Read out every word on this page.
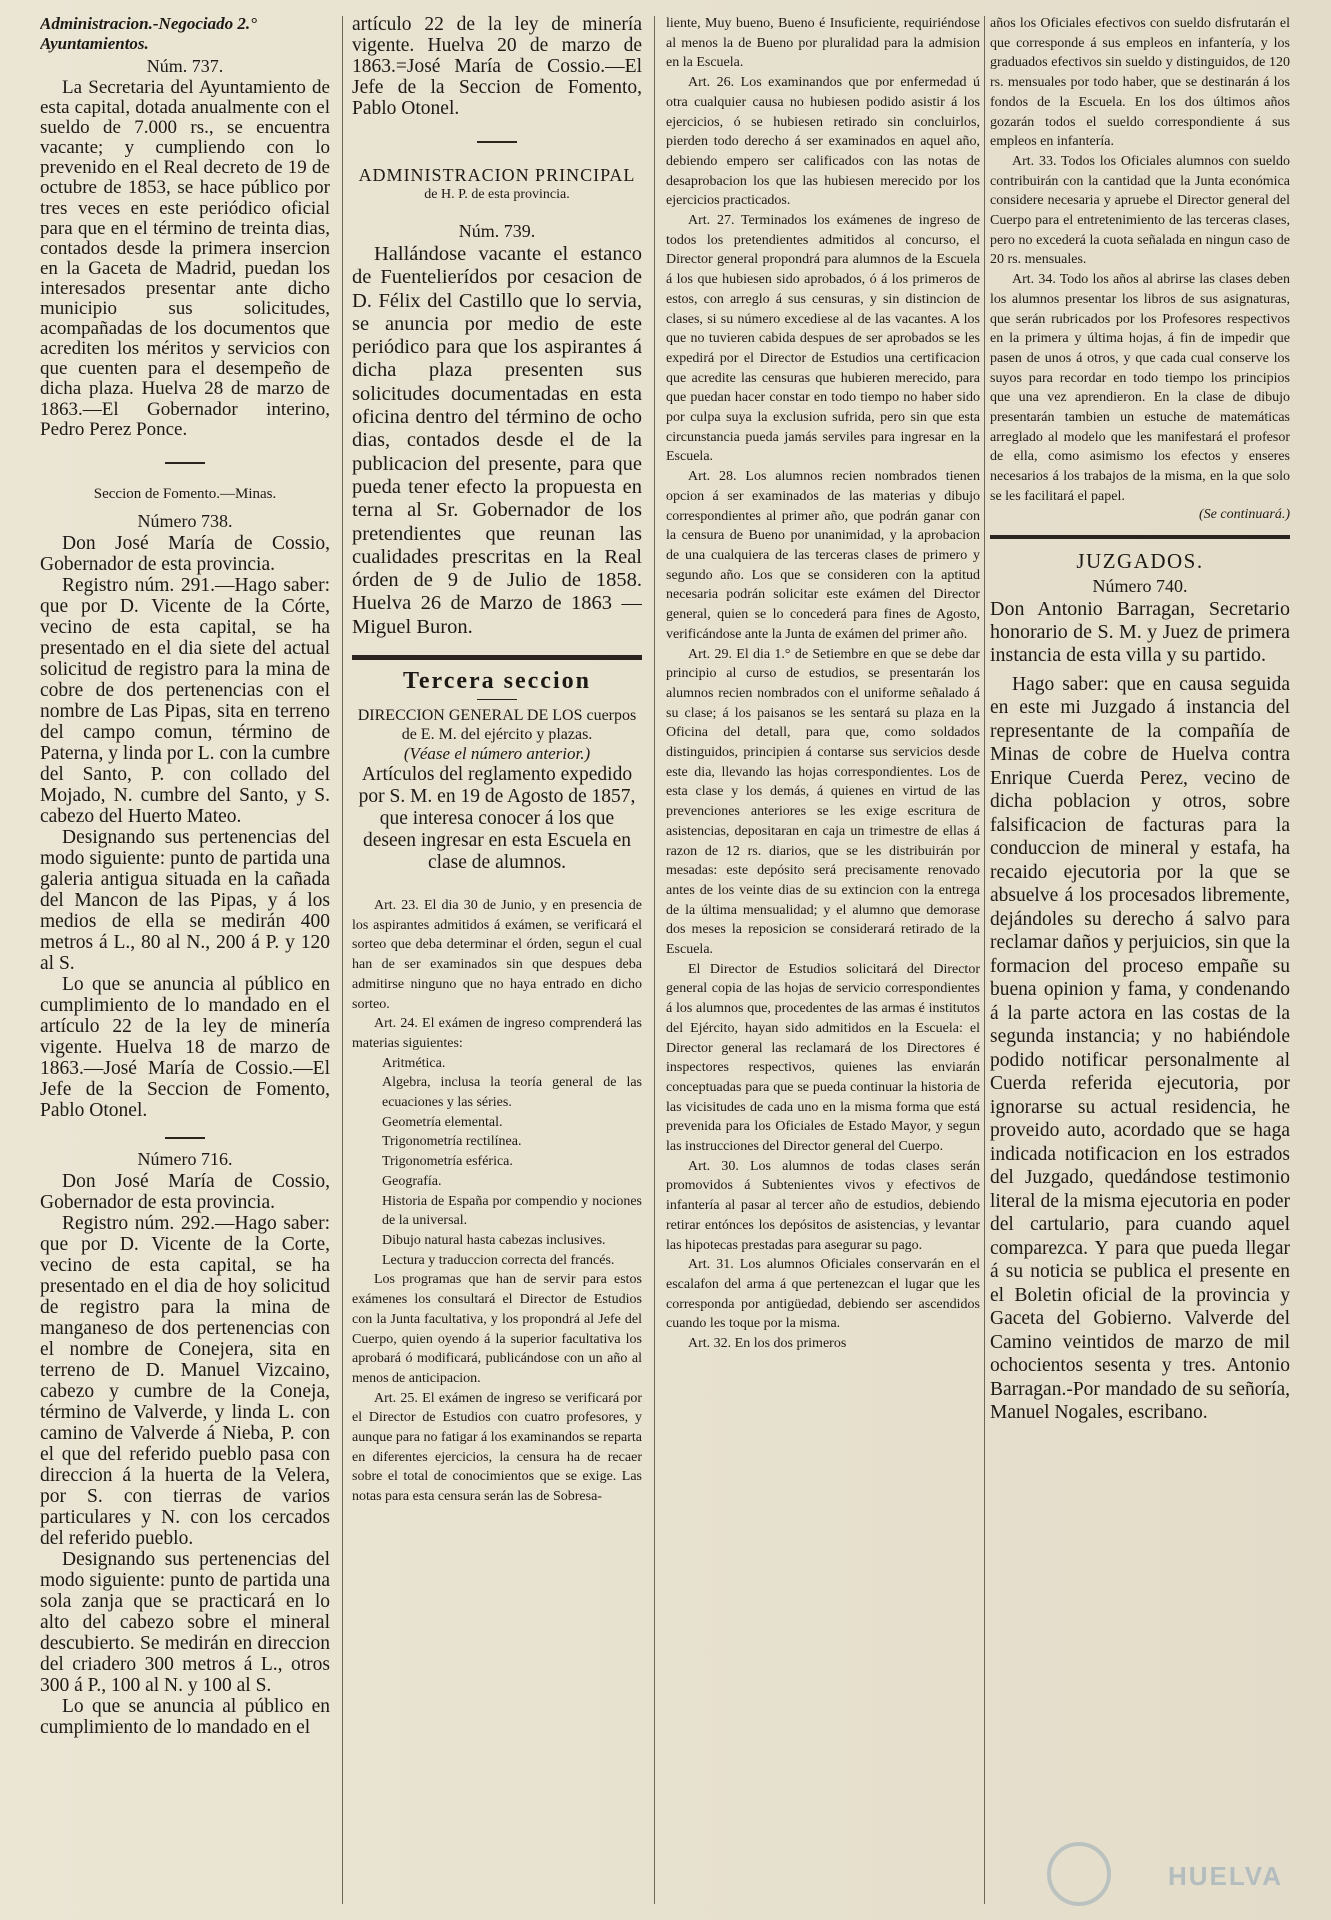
Administracion.-Negociado 2.° Ayuntamientos.

Núm. 737.

La Secretaria del Ayuntamiento de esta capital, dotada anualmente con el sueldo de 7.000 rs., se encuentra vacante; y cumpliendo con lo prevenido en el Real decreto de 19 de octubre de 1853, se hace público por tres veces en este periódico oficial para que en el término de treinta dias, contados desde la primera insercion en la Gaceta de Madrid, puedan los interesados presentar ante dicho municipio sus solicitudes, acompañadas de los documentos que acrediten los méritos y servicios con que cuenten para el desempeño de dicha plaza. Huelva 28 de marzo de 1863.—El Gobernador interino, Pedro Perez Ponce.

Seccion de Fomento.—Minas.

Número 738.

Don José María de Cossio, Gobernador de esta provincia.

Registro núm. 291.—Hago saber: que por D. Vicente de la Córte, vecino de esta capital, se ha presentado en el dia siete del actual solicitud de registro para la mina de cobre de dos pertenencias con el nombre de Las Pipas, sita en terreno del campo comun, término de Paterna, y linda por L. con la cumbre del Santo, P. con collado del Mojado, N. cumbre del Santo, y S. cabezo del Huerto Mateo.

Designando sus pertenencias del modo siguiente: punto de partida una galeria antigua situada en la cañada del Mancon de las Pipas, y á los medios de ella se medirán 400 metros á L., 80 al N., 200 á P. y 120 al S.

Lo que se anuncia al público en cumplimiento de lo mandado en el artículo 22 de la ley de minería vigente. Huelva 18 de marzo de 1863.—José María de Cossio.—El Jefe de la Seccion de Fomento, Pablo Otonel.

Número 716.

Don José María de Cossio, Gobernador de esta provincia.

Registro núm. 292.—Hago saber: que por D. Vicente de la Corte, vecino de esta capital, se ha presentado en el dia de hoy solicitud de registro para la mina de manganeso de dos pertenencias con el nombre de Conejera, sita en terreno de D. Manuel Vizcaino, cabezo y cumbre de la Coneja, término de Valverde, y linda L. con camino de Valverde á Nieba, P. con el que del referido pueblo pasa con direccion á la huerta de la Velera, por S. con tierras de varios particulares y N. con los cercados del referido pueblo.

Designando sus pertenencias del modo siguiente: punto de partida una sola zanja que se practicará en lo alto del cabezo sobre el mineral descubierto. Se medirán en direccion del criadero 300 metros á L., otros 300 á P., 100 al N. y 100 al S.

Lo que se anuncia al público en cumplimiento de lo mandado en el

artículo 22 de la ley de minería vigente. Huelva 20 de marzo de 1863.=José María de Cossio.—El Jefe de la Seccion de Fomento, Pablo Otonel.

ADMINISTRACION PRINCIPAL

de H. P. de esta provincia.

Núm. 739.

Hallándose vacante el estanco de Fuentelierídos por cesacion de D. Félix del Castillo que lo servia, se anuncia por medio de este periódico para que los aspirantes á dicha plaza presenten sus solicitudes documentadas en esta oficina dentro del término de ocho dias, contados desde el de la publicacion del presente, para que pueda tener efecto la propuesta en terna al Sr. Gobernador de los pretendientes que reunan las cualidades prescritas en la Real órden de 9 de Julio de 1858. Huelva 26 de Marzo de 1863 —Miguel Buron.

Tercera seccion

DIRECCION GENERAL DE LOS cuerpos de E. M. del ejército y plazas.

(Véase el número anterior.)

Artículos del reglamento expedido por S. M. en 19 de Agosto de 1857, que interesa conocer á los que deseen ingresar en esta Escuela en clase de alumnos.

Art. 23. El dia 30 de Junio, y en presencia de los aspirantes admitidos á exámen, se verificará el sorteo que deba determinar el órden, segun el cual han de ser examinados sin que despues deba admitirse ninguno que no haya entrado en dicho sorteo.

Art. 24. El exámen de ingreso comprenderá las materias siguientes:

Aritmética.

Algebra, inclusa la teoría general de las ecuaciones y las séries.

Geometría elemental.

Trigonometría rectilínea.

Trigonometría esférica.

Geografía.

Historia de España por compendio y nociones de la universal.

Dibujo natural hasta cabezas inclusives.

Lectura y traduccion correcta del francés.

Los programas que han de servir para estos exámenes los consultará el Director de Estudios con la Junta facultativa, y los propondrá al Jefe del Cuerpo, quien oyendo á la superior facultativa los aprobará ó modificará, publicándose con un año al menos de anticipacion.

Art. 25. El exámen de ingreso se verificará por el Director de Estudios con cuatro profesores, y aunque para no fatigar á los examinandos se reparta en diferentes ejercicios, la censura ha de recaer sobre el total de conocimientos que se exige. Las notas para esta censura serán las de Sobresa-

liente, Muy bueno, Bueno é Insuficiente, requiriéndose al menos la de Bueno por pluralidad para la admision en la Escuela.

Art. 26. Los examinandos que por enfermedad ú otra cualquier causa no hubiesen podido asistir á los ejercicios, ó se hubiesen retirado sin concluirlos, pierden todo derecho á ser examinados en aquel año, debiendo empero ser calificados con las notas de desaprobacion los que las hubiesen merecido por los ejercicios practicados.

Art. 27. Terminados los exámenes de ingreso de todos los pretendientes admitidos al concurso, el Director general propondrá para alumnos de la Escuela á los que hubiesen sido aprobados, ó á los primeros de estos, con arreglo á sus censuras, y sin distincion de clases, si su número excediese al de las vacantes. A los que no tuvieren cabida despues de ser aprobados se les expedirá por el Director de Estudios una certificacion que acredite las censuras que hubieren merecido, para que puedan hacer constar en todo tiempo no haber sido por culpa suya la exclusion sufrida, pero sin que esta circunstancia pueda jamás serviles para ingresar en la Escuela.

Art. 28. Los alumnos recien nombrados tienen opcion á ser examinados de las materias y dibujo correspondientes al primer año, que podrán ganar con la censura de Bueno por unanimidad, y la aprobacion de una cualquiera de las terceras clases de primero y segundo año. Los que se consideren con la aptitud necesaria podrán solicitar este exámen del Director general, quien se lo concederá para fines de Agosto, verificándose ante la Junta de exámen del primer año.

Art. 29. El dia 1.° de Setiembre en que se debe dar principio al curso de estudios, se presentarán los alumnos recien nombrados con el uniforme señalado á su clase; á los paisanos se les sentará su plaza en la Oficina del detall, para que, como soldados distinguidos, principien á contarse sus servicios desde este dia, llevando las hojas correspondientes. Los de esta clase y los demás, á quienes en virtud de las prevenciones anteriores se les exige escritura de asistencias, depositaran en caja un trimestre de ellas á razon de 12 rs. diarios, que se les distribuirán por mesadas: este depósito será precisamente renovado antes de los veinte dias de su extincion con la entrega de la última mensualidad; y el alumno que demorase dos meses la reposicion se considerará retirado de la Escuela.

El Director de Estudios solicitará del Director general copia de las hojas de servicio correspondientes á los alumnos que, procedentes de las armas é institutos del Ejército, hayan sido admitidos en la Escuela: el Director general las reclamará de los Directores é inspectores respectivos, quienes las enviarán conceptuadas para que se pueda continuar la historia de las vicisitudes de cada uno en la misma forma que está prevenida para los Oficiales de Estado Mayor, y segun las instrucciones del Director general del Cuerpo.

Art. 30. Los alumnos de todas clases serán promovidos á Subtenientes vivos y efectivos de infantería al pasar al tercer año de estudios, debiendo retirar entónces los depósitos de asistencias, y levantar las hipotecas prestadas para asegurar su pago.

Art. 31. Los alumnos Oficiales conservarán en el escalafon del arma á que pertenezcan el lugar que les corresponda por antigüedad, debiendo ser ascendidos cuando les toque por la misma.

Art. 32. En los dos primeros

años los Oficiales efectivos con sueldo disfrutarán el que corresponde á sus empleos en infantería, y los graduados efectivos sin sueldo y distinguidos, de 120 rs. mensuales por todo haber, que se destinarán á los fondos de la Escuela. En los dos últimos años gozarán todos el sueldo correspondiente á sus empleos en infantería.

Art. 33. Todos los Oficiales alumnos con sueldo contribuirán con la cantidad que la Junta económica considere necesaria y apruebe el Director general del Cuerpo para el entretenimiento de las terceras clases, pero no excederá la cuota señalada en ningun caso de 20 rs. mensuales.

Art. 34. Todo los años al abrirse las clases deben los alumnos presentar los libros de sus asignaturas, que serán rubricados por los Profesores respectivos en la primera y última hojas, á fin de impedir que pasen de unos á otros, y que cada cual conserve los suyos para recordar en todo tiempo los principios que una vez aprendieron. En la clase de dibujo presentarán tambien un estuche de matemáticas arreglado al modelo que les manifestará el profesor de ella, como asimismo los efectos y enseres necesarios á los trabajos de la misma, en la que solo se les facilitará el papel.

(Se continuará.)

JUZGADOS.

Número 740.

Don Antonio Barragan, Secretario honorario de S. M. y Juez de primera instancia de esta villa y su partido.

Hago saber: que en causa seguida en este mi Juzgado á instancia del representante de la compañía de Minas de cobre de Huelva contra Enrique Cuerda Perez, vecino de dicha poblacion y otros, sobre falsificacion de facturas para la conduccion de mineral y estafa, ha recaido ejecutoria por la que se absuelve á los procesados libremente, dejándoles su derecho á salvo para reclamar daños y perjuicios, sin que la formacion del proceso empañe su buena opinion y fama, y condenando á la parte actora en las costas de la segunda instancia; y no habiéndole podido notificar personalmente al Cuerda referida ejecutoria, por ignorarse su actual residencia, he proveido auto, acordado que se haga indicada notificacion en los estrados del Juzgado, quedándose testimonio literal de la misma ejecutoria en poder del cartulario, para cuando aquel comparezca. Y para que pueda llegar á su noticia se publica el presente en el Boletin oficial de la provincia y Gaceta del Gobierno. Valverde del Camino veintidos de marzo de mil ochocientos sesenta y tres. Antonio Barragan.-Por mandado de su señoría, Manuel Nogales, escribano.

HUELVA
